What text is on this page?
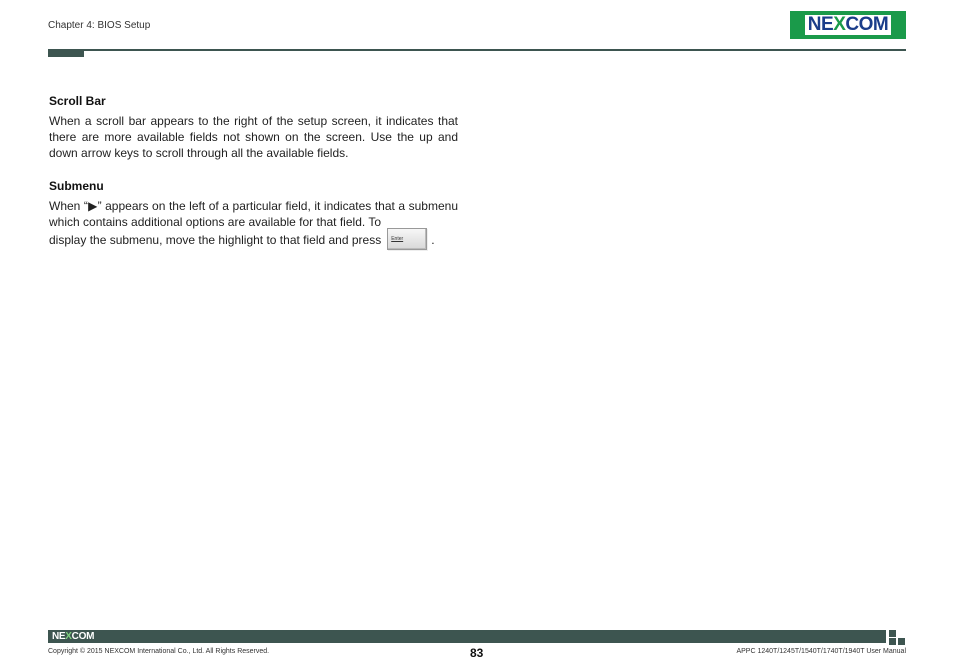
Chapter 4: BIOS Setup	NE X COM
Scroll Bar

When a scroll bar appears to the right of the setup screen, it indicates that there are more available fields not shown on the screen. Use the up and down arrow keys to scroll through all the available fields.

Submenu

When “▶” appears on the left of a particular field, it indicates that a submenu which contains additional options are available for that field. To

display the submenu, move the highlight to that field and press Enter .

NEXCOM
Copyright © 2015 NEXCOM International Co., Ltd. All Rights Reserved.	83	APPC 1240T/1245T/1540T/1740T/1940T User Manual
